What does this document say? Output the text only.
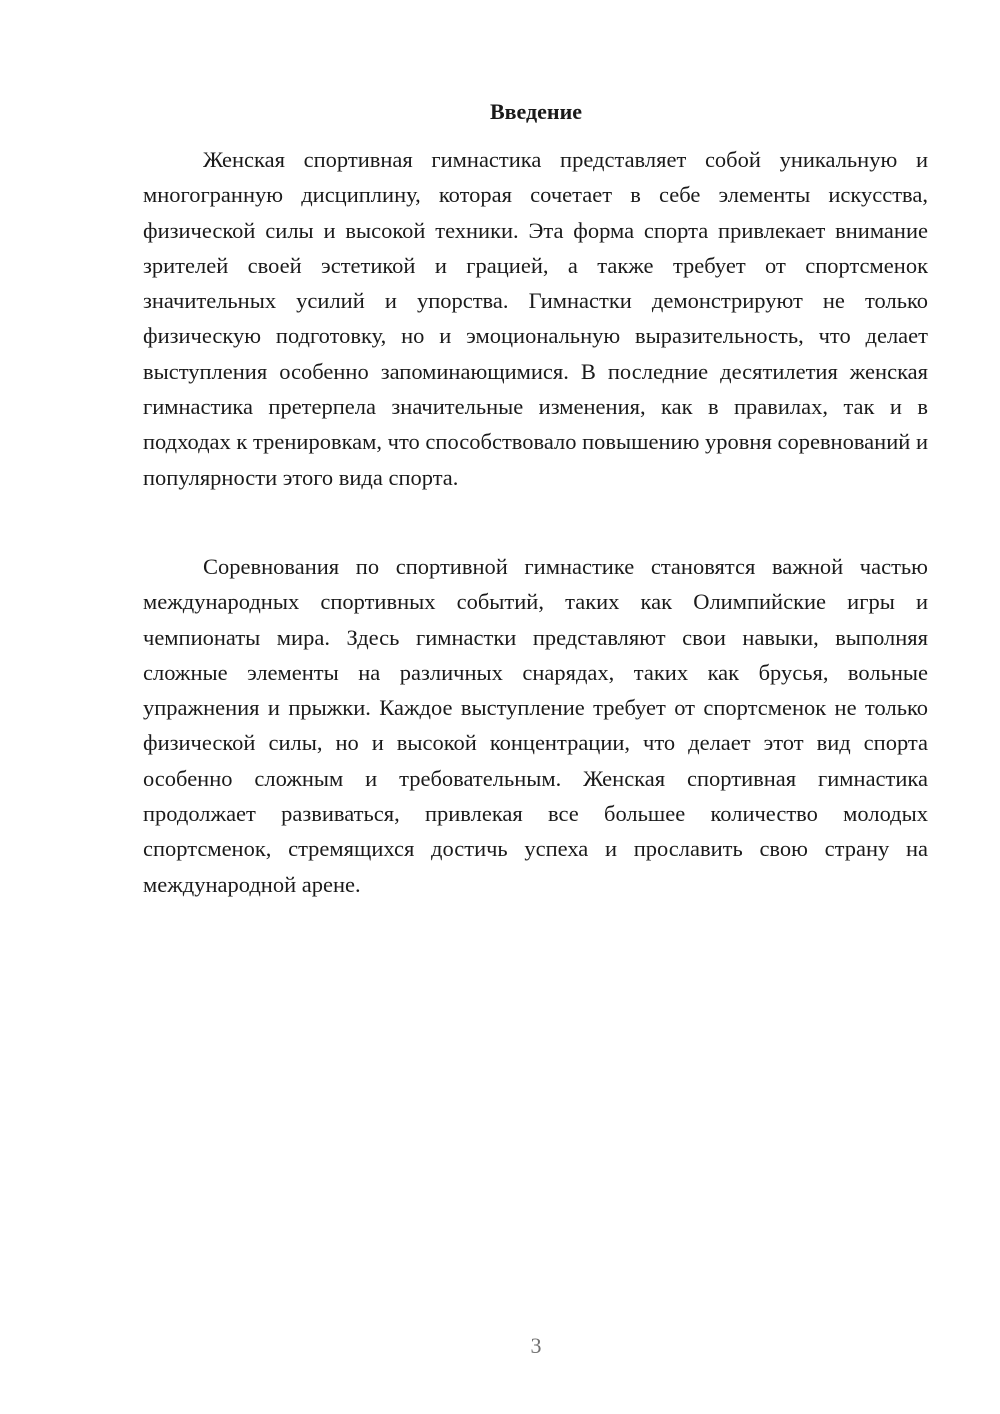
Введение

Женская спортивная гимнастика представляет собой уникальную и многогранную дисциплину, которая сочетает в себе элементы искусства, физической силы и высокой техники. Эта форма спорта привлекает внимание зрителей своей эстетикой и грацией, а также требует от спортсменок значительных усилий и упорства. Гимнастки демонстрируют не только физическую подготовку, но и эмоциональную выразительность, что делает выступления особенно запоминающимися. В последние десятилетия женская гимнастика претерпела значительные изменения, как в правилах, так и в подходах к тренировкам, что способствовало повышению уровня соревнований и популярности этого вида спорта.

Соревнования по спортивной гимнастике становятся важной частью международных спортивных событий, таких как Олимпийские игры и чемпионаты мира. Здесь гимнастки представляют свои навыки, выполняя сложные элементы на различных снарядах, таких как брусья, вольные упражнения и прыжки. Каждое выступление требует от спортсменок не только физической силы, но и высокой концентрации, что делает этот вид спорта особенно сложным и требовательным. Женская спортивная гимнастика продолжает развиваться, привлекая все большее количество молодых спортсменок, стремящихся достичь успеха и прославить свою страну на международной арене.

3
